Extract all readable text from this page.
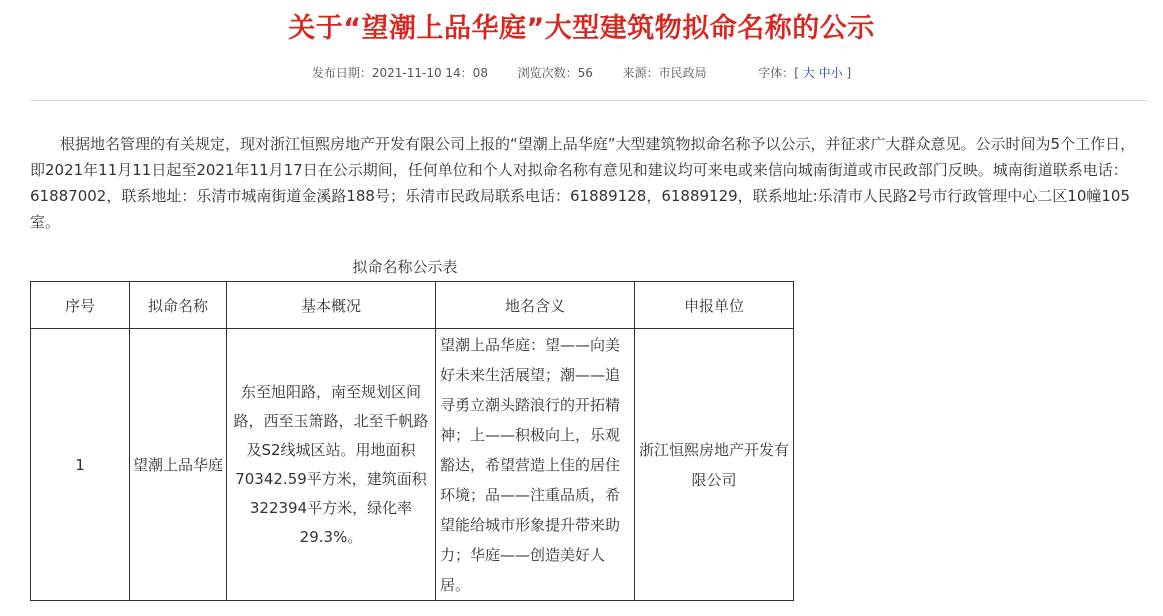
关于“望潮上品华庭”大型建筑物拟命名称的公示
发布日期：2021-11-10 14：08 浏览次数：56 来源：市民政局	字体：[ 大 中小 ]
根据地名管理的有关规定，现对浙江恒熙房地产开发有限公司上报的“望潮上品华庭”大型建筑物拟命名称予以公示，并征求广大群众意见。公示时间为5个工作日，即2021年11月11日起至2021年11月17日在公示期间，任何单位和个人对拟命名称有意见和建议均可来电或来信向城南街道或市民政部门反映。城南街道联系电话：61887002，联系地址：乐清市城南街道金溪路188号；乐清市民政局联系电话：61889128，61889129，联系地址:乐清市人民路2号市行政管理中心二区10幢105室。
拟命名称公示表
序号	拟命名称	基本概况	地名含义	申报单位
1	望潮上品华庭	东至旭阳路，南至规划区间路，西至玉箫路，北至千帆路及S2线城区站。用地面积70342.59平方米，建筑面积322394平方米，绿化率29.3%。	望潮上品华庭：望——向美好未来生活展望；潮——追寻勇立潮头踏浪行的开拓精神；上——积极向上，乐观豁达，希望营造上佳的居住环境；品——注重品质，希望能给城市形象提升带来助力；华庭——创造美好人居。	浙江恒熙房地产开发有限公司
